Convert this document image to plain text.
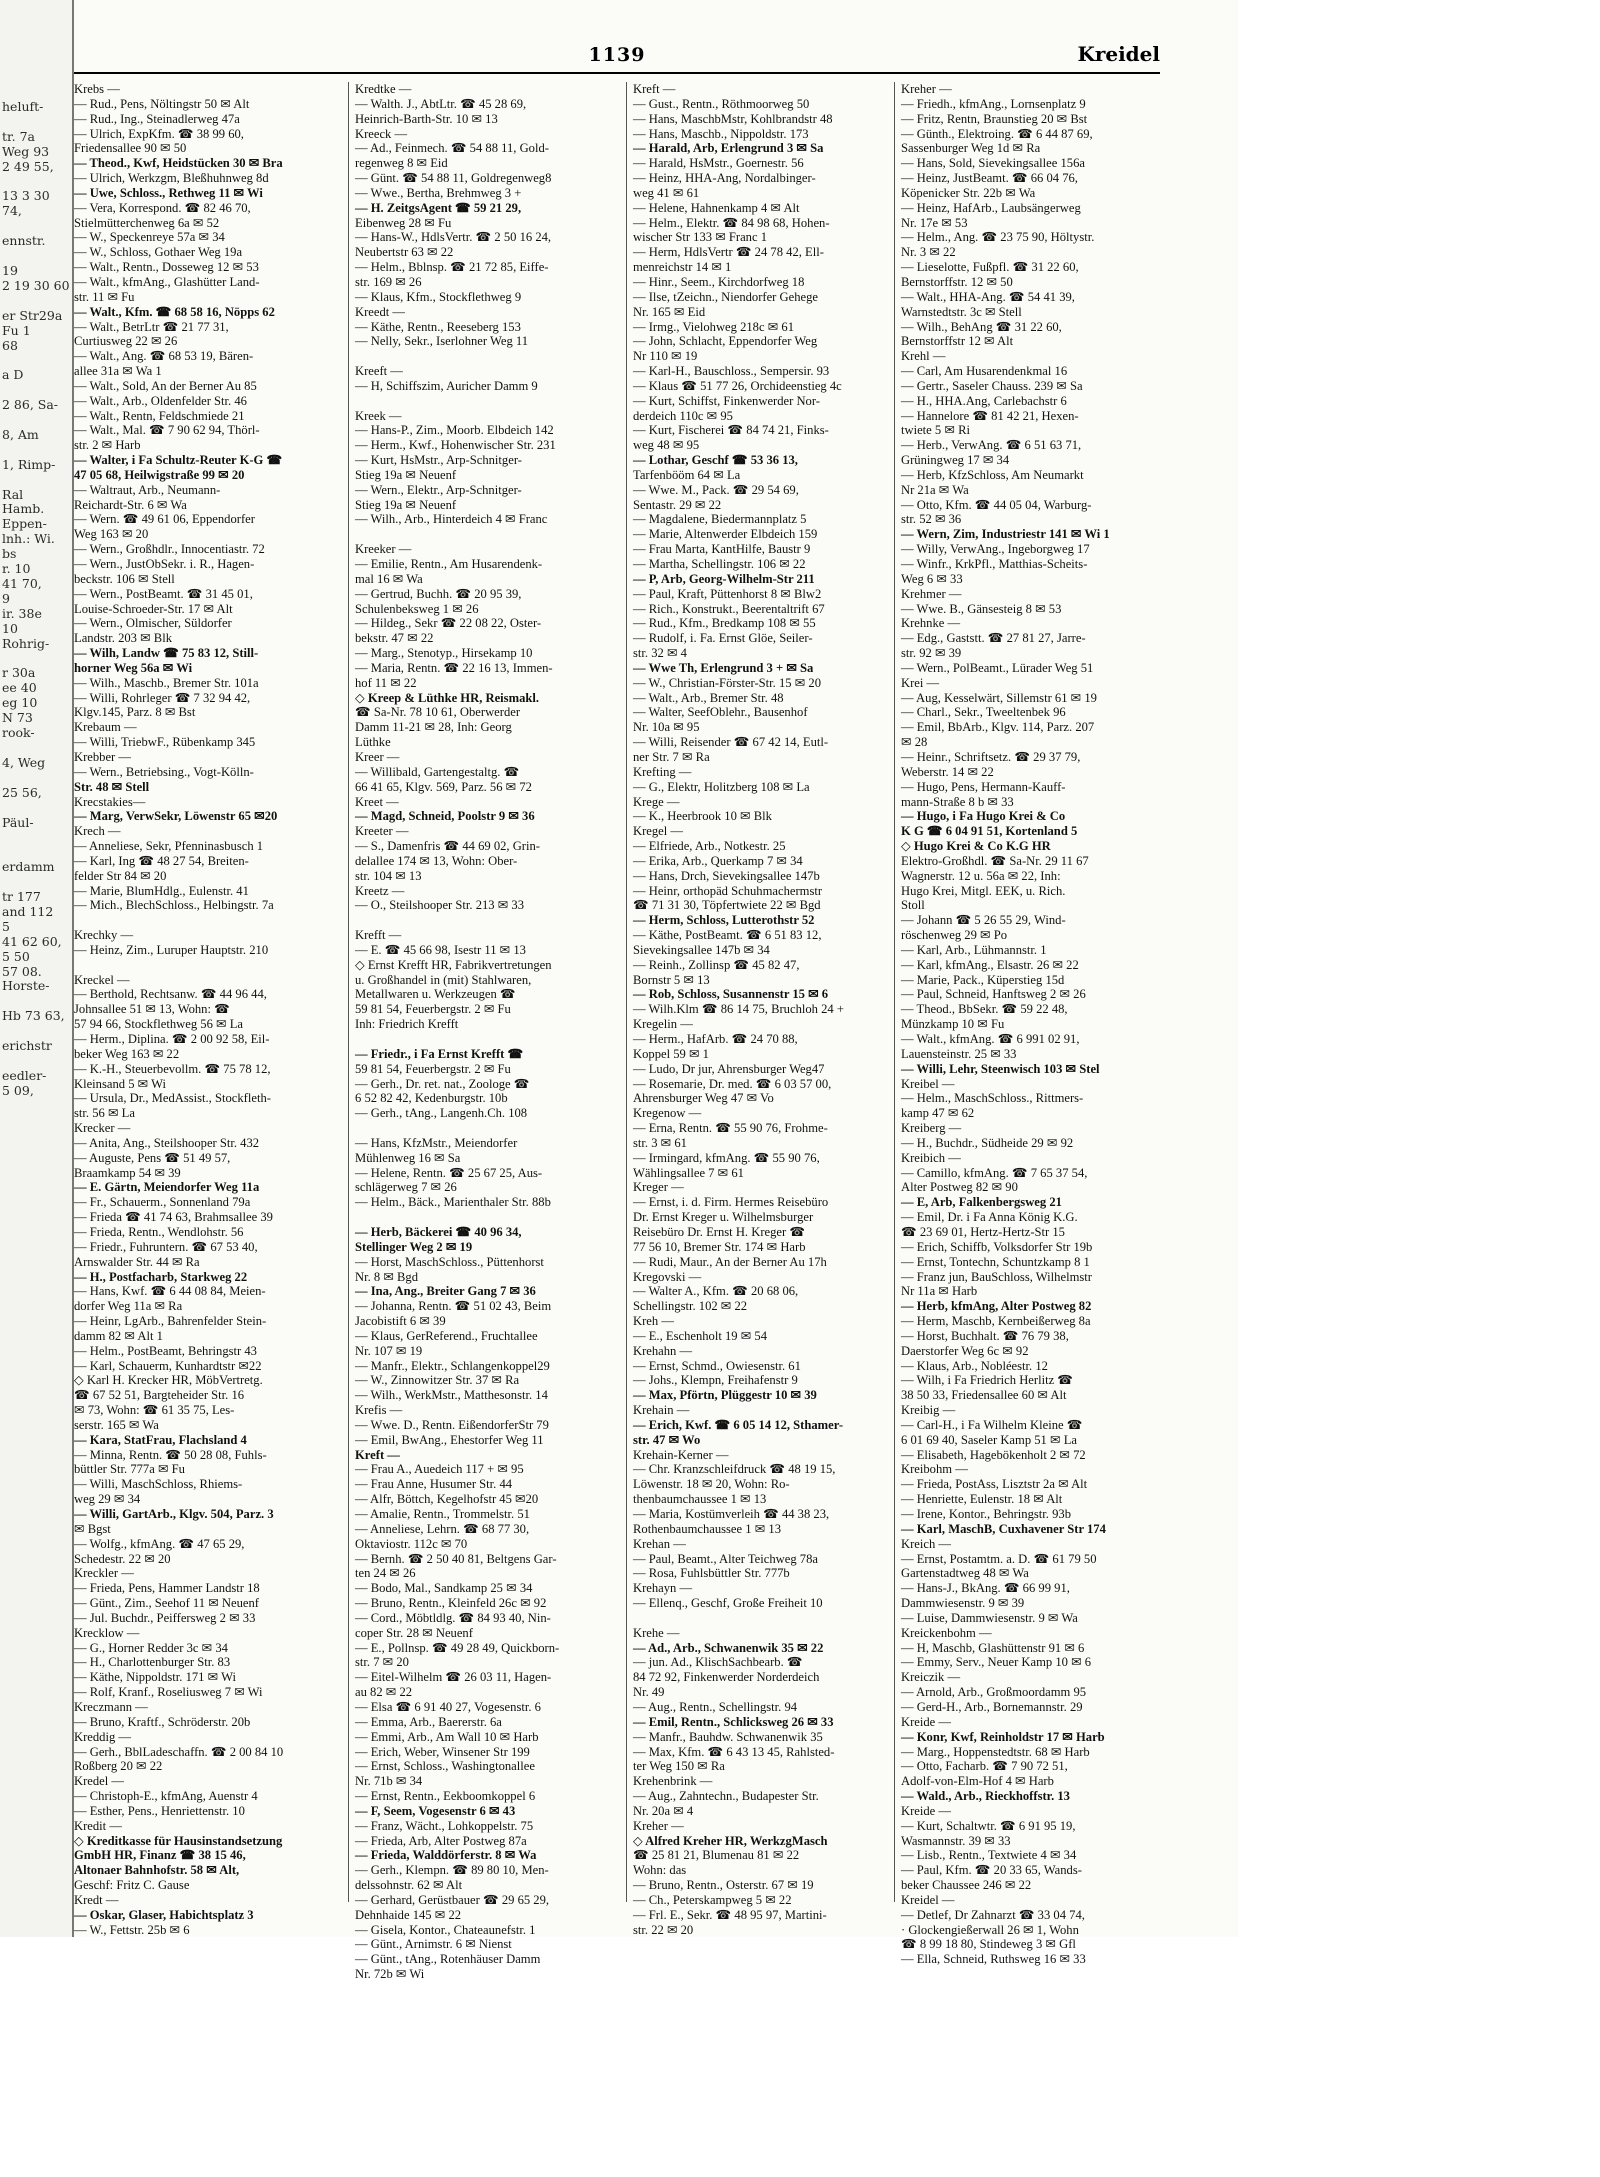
heluft-

tr. 7a
Weg 93
2 49 55,

13 3 30
74,

ennstr.

19
2 19 30 60

er Str29a
Fu 1
68

a D

2 86, Sa-

8, Am

1, Rimp-

Ral
Hamb.
Eppen-
lnh.: Wi.
bs
r. 10
41 70,
9
ir. 38e
10
Rohrig-

r 30a
ee 40
eg 10
N 73
rook-

4, Weg

25 56,

Päul-

erdamm

tr 177
and 112
5
41 62 60,
5 50
57 08.
Horste-

Hb 73 63,

erichstr

eedler-
5 09,
1139	Kreidel
Krebs —
— Rud., Pens, Nöltingstr 50 ✉ Alt
— Rud., Ing., Steinadlerweg 47a
— Ulrich, ExpKfm. ☎ 38 99 60,
Friedensallee 90 ✉ 50
— Theod., Kwf, Heidstücken 30 ✉ Bra
— Ulrich, Werkzgm, Bleßhuhnweg 8d
— Uwe, Schloss., Rethweg 11 ✉ Wi
— Vera, Korrespond. ☎ 82 46 70,
Stielmütterchenweg 6a ✉ 52
— W., Speckenreye 57a ✉ 34
— W., Schloss, Gothaer Weg 19a
— Walt., Rentn., Dosseweg 12 ✉ 53
— Walt., kfmAng., Glashütter Land-
str. 11 ✉ Fu
— Walt., Kfm. ☎ 68 58 16, Nöpps 62
— Walt., BetrLtr ☎ 21 77 31,
Curtiusweg 22 ✉ 26
— Walt., Ang. ☎ 68 53 19, Bären-
allee 31a ✉ Wa 1
— Walt., Sold, An der Berner Au 85
— Walt., Arb., Oldenfelder Str. 46
— Walt., Rentn, Feldschmiede 21
— Walt., Mal. ☎ 7 90 62 94, Thörl-
str. 2 ✉ Harb
— Walter, i Fa Schultz-Reuter K-G ☎
47 05 68, Heilwigstraße 99 ✉ 20
— Waltraut, Arb., Neumann-
Reichardt-Str. 6 ✉ Wa
— Wern. ☎ 49 61 06, Eppendorfer
Weg 163 ✉ 20
— Wern., Großhdlr., Innocentiastr. 72
— Wern., JustObSekr. i. R., Hagen-
beckstr. 106 ✉ Stell
— Wern., PostBeamt. ☎ 31 45 01,
Louise-Schroeder-Str. 17 ✉ Alt
— Wern., Olmischer, Süldorfer
Landstr. 203 ✉ Blk
— Wilh, Landw ☎ 75 83 12, Still-
horner Weg 56a ✉ Wi
— Wilh., Maschb., Bremer Str. 101a
— Willi, Rohrleger ☎ 7 32 94 42,
Klgv.145, Parz. 8 ✉ Bst
Krebaum —
— Willi, TriebwF., Rübenkamp 345
Krebber —
— Wern., Betriebsing., Vogt-Kölln-
Str. 48 ✉ Stell
Krecstakies—
— Marg, VerwSekr, Löwenstr 65 ✉20
Krech —
— Anneliese, Sekr, Pfenninasbusch 1
— Karl, Ing ☎ 48 27 54, Breiten-
felder Str 84 ✉ 20
— Marie, BlumHdlg., Eulenstr. 41
— Mich., BlechSchloss., Helbingstr. 7a

Krechky —
— Heinz, Zim., Luruper Hauptstr. 210

Kreckel —
— Berthold, Rechtsanw. ☎ 44 96 44,
Johnsallee 51 ✉ 13, Wohn: ☎
57 94 66, Stockflethweg 56 ✉ La
— Herm., Diplina. ☎ 2 00 92 58, Eil-
beker Weg 163 ✉ 22
— K.-H., Steuerbevollm. ☎ 75 78 12,
Kleinsand 5 ✉ Wi
— Ursula, Dr., MedAssist., Stockfleth-
str. 56 ✉ La
Krecker —
— Anita, Ang., Steilshooper Str. 432
— Auguste, Pens ☎ 51 49 57,
Braamkamp 54 ✉ 39
— E. Gärtn, Meiendorfer Weg 11a
— Fr., Schauerm., Sonnenland 79a
— Frieda ☎ 41 74 63, Brahmsallee 39
— Frieda, Rentn., Wendlohstr. 56
— Friedr., Fuhruntern. ☎ 67 53 40,
Arnswalder Str. 44 ✉ Ra
— H., Postfacharb, Starkweg 22
— Hans, Kwf. ☎ 6 44 08 84, Meien-
dorfer Weg 11a ✉ Ra
— Heinr, LgArb., Bahrenfelder Stein-
damm 82 ✉ Alt 1
— Helm., PostBeamt, Behringstr 43
— Karl, Schauerm, Kunhardtstr ✉22
◇ Karl H. Krecker HR, MöbVertretg.
☎ 67 52 51, Bargteheider Str. 16
✉ 73, Wohn: ☎ 61 35 75, Les-
serstr. 165 ✉ Wa
— Kara, StatFrau, Flachsland 4
— Minna, Rentn. ☎ 50 28 08, Fuhls-
büttler Str. 777a ✉ Fu
— Willi, MaschSchloss, Rhiems-
weg 29 ✉ 34
— Willi, GartArb., Klgv. 504, Parz. 3
✉ Bgst
— Wolfg., kfmAng. ☎ 47 65 29,
Schedestr. 22 ✉ 20
Kreckler —
— Frieda, Pens, Hammer Landstr 18
— Günt., Zim., Seehof 11 ✉ Neuenf
— Jul. Buchdr., Peiffersweg 2 ✉ 33
Krecklow —
— G., Horner Redder 3c ✉ 34
— H., Charlottenburger Str. 83
— Käthe, Nippoldstr. 171 ✉ Wi
— Rolf, Kranf., Roseliusweg 7 ✉ Wi
Kreczmann —
— Bruno, Kraftf., Schröderstr. 20b
Kreddig —
— Gerh., BblLadeschaffn. ☎ 2 00 84 10
Roßberg 20 ✉ 22
Kredel —
— Christoph-E., kfmAng, Auenstr 4
— Esther, Pens., Henriettenstr. 10
Kredit —
◇ Kreditkasse für Hausinstandsetzung
GmbH HR, Finanz ☎ 38 15 46,
Altonaer Bahnhofstr. 58 ✉ Alt,
Geschf: Fritz C. Gause
Kredt —
— Oskar, Glaser, Habichtsplatz 3
— W., Fettstr. 25b ✉ 6
Kredtke —
— Walth. J., AbtLtr. ☎ 45 28 69,
Heinrich-Barth-Str. 10 ✉ 13
Kreeck —
— Ad., Feinmech. ☎ 54 88 11, Gold-
regenweg 8 ✉ Eid
— Günt. ☎ 54 88 11, Goldregenweg8
— Wwe., Bertha, Brehmweg 3 +
— H. ZeitgsAgent ☎ 59 21 29,
Eibenweg 28 ✉ Fu
— Hans-W., HdlsVertr. ☎ 2 50 16 24,
Neubertstr 63 ✉ 22
— Helm., Bblnsp. ☎ 21 72 85, Eiffe-
str. 169 ✉ 26
— Klaus, Kfm., Stockflethweg 9
Kreedt —
— Käthe, Rentn., Reeseberg 153
— Nelly, Sekr., Iserlohner Weg 11

Kreeft —
— H, Schiffszim, Auricher Damm 9

Kreek —
— Hans-P., Zim., Moorb. Elbdeich 142
— Herm., Kwf., Hohenwischer Str. 231
— Kurt, HsMstr., Arp-Schnitger-
Stieg 19a ✉ Neuenf
— Wern., Elektr., Arp-Schnitger-
Stieg 19a ✉ Neuenf
— Wilh., Arb., Hinterdeich 4 ✉ Franc

Kreeker —
— Emilie, Rentn., Am Husarendenk-
mal 16 ✉ Wa
— Gertrud, Buchh. ☎ 20 95 39,
Schulenbeksweg 1 ✉ 26
— Hildeg., Sekr ☎ 22 08 22, Oster-
bekstr. 47 ✉ 22
— Marg., Stenotyp., Hirsekamp 10
— Maria, Rentn. ☎ 22 16 13, Immen-
hof 11 ✉ 22
◇ Kreep & Lüthke HR, Reismakl.
☎ Sa-Nr. 78 10 61, Oberwerder
Damm 11-21 ✉ 28, Inh: Georg
Lüthke
Kreer —
— Willibald, Gartengestaltg. ☎
66 41 65, Klgv. 569, Parz. 56 ✉ 72
Kreet —
— Magd, Schneid, Poolstr 9 ✉ 36
Kreeter —
— S., Damenfris ☎ 44 69 02, Grin-
delallee 174 ✉ 13, Wohn: Ober-
str. 104 ✉ 13
Kreetz —
— O., Steilshooper Str. 213 ✉ 33

Krefft —
— E. ☎ 45 66 98, Isestr 11 ✉ 13
◇ Ernst Krefft HR, Fabrikvertretungen
u. Großhandel in (mit) Stahlwaren,
Metallwaren u. Werkzeugen ☎
59 81 54, Feuerbergstr. 2 ✉ Fu
Inh: Friedrich Krefft

— Friedr., i Fa Ernst Krefft ☎
59 81 54, Feuerbergstr. 2 ✉ Fu
— Gerh., Dr. ret. nat., Zoologe ☎
6 52 82 42, Kedenburgstr. 10b
— Gerh., tAng., Langenh.Ch. 108

— Hans, KfzMstr., Meiendorfer
Mühlenweg 16 ✉ Sa
— Helene, Rentn. ☎ 25 67 25, Aus-
schlägerweg 7 ✉ 26
— Helm., Bäck., Marienthaler Str. 88b

— Herb, Bäckerei ☎ 40 96 34,
Stellinger Weg 2 ✉ 19
— Horst, MaschSchloss., Püttenhorst
Nr. 8 ✉ Bgd
— Ina, Ang., Breiter Gang 7 ✉ 36
— Johanna, Rentn. ☎ 51 02 43, Beim
Jacobistift 6 ✉ 39
— Klaus, GerReferend., Fruchtallee
Nr. 107 ✉ 19
— Manfr., Elektr., Schlangenkoppel29
— W., Zinnowitzer Str. 37 ✉ Ra
— Wilh., WerkMstr., Matthesonstr. 14
Krefis —
— Wwe. D., Rentn. EißendorferStr 79
— Emil, BwAng., Ehestorfer Weg 11
Kreft —
— Frau A., Auedeich 117 + ✉ 95
— Frau Anne, Husumer Str. 44
— Alfr, Böttch, Kegelhofstr 45 ✉20
— Amalie, Rentn., Trommelstr. 51
— Anneliese, Lehrn. ☎ 68 77 30,
Oktaviostr. 112c ✉ 70
— Bernh. ☎ 2 50 40 81, Beltgens Gar-
ten 24 ✉ 26
— Bodo, Mal., Sandkamp 25 ✉ 34
— Bruno, Rentn., Kleinfeld 26c ✉ 92
— Cord., Möbtldlg. ☎ 84 93 40, Nin-
coper Str. 28 ✉ Neuenf
— E., Pollnsp. ☎ 49 28 49, Quickborn-
str. 7 ✉ 20
— Eitel-Wilhelm ☎ 26 03 11, Hagen-
au 82 ✉ 22
— Elsa ☎ 6 91 40 27, Vogesenstr. 6
— Emma, Arb., Baererstr. 6a
— Emmi, Arb., Am Wall 10 ✉ Harb
— Erich, Weber, Winsener Str 199
— Ernst, Schloss., Washingtonallee
Nr. 71b ✉ 34
— Ernst, Rentn., Eekboomkoppel 6
— F, Seem, Vogesenstr 6 ✉ 43
— Franz, Wächt., Lohkoppelstr. 75
— Frieda, Arb, Alter Postweg 87a
— Frieda, Walddörferstr. 8 ✉ Wa
— Gerh., Klempn. ☎ 89 80 10, Men-
delssohnstr. 62 ✉ Alt
— Gerhard, Gerüstbauer ☎ 29 65 29,
Dehnhaide 145 ✉ 22
— Gisela, Kontor., Chateaunefstr. 1
— Günt., Arnimstr. 6 ✉ Nienst
— Günt., tAng., Rotenhäuser Damm
Nr. 72b ✉ Wi
Kreft —
— Gust., Rentn., Röthmoorweg 50
— Hans, MaschbMstr, Kohlbrandstr 48
— Hans, Maschb., Nippoldstr. 173
— Harald, Arb, Erlengrund 3 ✉ Sa
— Harald, HsMstr., Goernestr. 56
— Heinz, HHA-Ang, Nordalbinger-
weg 41 ✉ 61
— Helene, Hahnenkamp 4 ✉ Alt
— Helm., Elektr. ☎ 84 98 68, Hohen-
wischer Str 133 ✉ Franc 1
— Herm, HdlsVertr ☎ 24 78 42, Ell-
menreichstr 14 ✉ 1
— Hinr., Seem., Kirchdorfweg 18
— Ilse, tZeichn., Niendorfer Gehege
Nr. 165 ✉ Eid
— Irmg., Vielohweg 218c ✉ 61
— John, Schlacht, Eppendorfer Weg
Nr 110 ✉ 19
— Karl-H., Bauschloss., Sempersir. 93
— Klaus ☎ 51 77 26, Orchideenstieg 4c
— Kurt, Schiffst, Finkenwerder Nor-
derdeich 110c ✉ 95
— Kurt, Fischerei ☎ 84 74 21, Finks-
weg 48 ✉ 95
— Lothar, Geschf ☎ 53 36 13,
Tarfenbööm 64 ✉ La
— Wwe. M., Pack. ☎ 29 54 69,
Sentastr. 29 ✉ 22
— Magdalene, Biedermannplatz 5
— Marie, Altenwerder Elbdeich 159
— Frau Marta, KantHilfe, Baustr 9
— Martha, Schellingstr. 106 ✉ 22
— P, Arb, Georg-Wilhelm-Str 211
— Paul, Kraft, Püttenhorst 8 ✉ Blw2
— Rich., Konstrukt., Beerentaltrift 67
— Rud., Kfm., Bredkamp 108 ✉ 55
— Rudolf, i. Fa. Ernst Glöe, Seiler-
str. 32 ✉ 4
— Wwe Th, Erlengrund 3 + ✉ Sa
— W., Christian-Förster-Str. 15 ✉ 20
— Walt., Arb., Bremer Str. 48
— Walter, SeefOblehr., Bausenhof
Nr. 10a ✉ 95
— Willi, Reisender ☎ 67 42 14, Eutl-
ner Str. 7 ✉ Ra
Krefting —
— G., Elektr, Holitzberg 108 ✉ La
Krege —
— K., Heerbrook 10 ✉ Blk
Kregel —
— Elfriede, Arb., Notkestr. 25
— Erika, Arb., Querkamp 7 ✉ 34
— Hans, Drch, Sievekingsallee 147b
— Heinr, orthopäd Schuhmachermstr
☎ 71 31 30, Töpfertwiete 22 ✉ Bgd
— Herm, Schloss, Lutterothstr 52
— Käthe, PostBeamt. ☎ 6 51 83 12,
Sievekingsallee 147b ✉ 34
— Reinh., Zollinsp ☎ 45 82 47,
Bornstr 5 ✉ 13
— Rob, Schloss, Susannenstr 15 ✉ 6
— Wilh.Klm ☎ 86 14 75, Bruchloh 24 +
Kregelin —
— Herm., HafArb. ☎ 24 70 88,
Koppel 59 ✉ 1
— Ludo, Dr jur, Ahrensburger Weg47
— Rosemarie, Dr. med. ☎ 6 03 57 00,
Ahrensburger Weg 47 ✉ Vo
Kregenow —
— Erna, Rentn. ☎ 55 90 76, Frohme-
str. 3 ✉ 61
— Irmingard, kfmAng. ☎ 55 90 76,
Wählingsallee 7 ✉ 61
Kreger —
— Ernst, i. d. Firm. Hermes Reisebüro
Dr. Ernst Kreger u. Wilhelmsburger
Reisebüro Dr. Ernst H. Kreger ☎
77 56 10, Bremer Str. 174 ✉ Harb
— Rudi, Maur., An der Berner Au 17h
Kregovski —
— Walter A., Kfm. ☎ 20 68 06,
Schellingstr. 102 ✉ 22
Kreh —
— E., Eschenholt 19 ✉ 54
Krehahn —
— Ernst, Schmd., Owiesenstr. 61
— Johs., Klempn, Freihafenstr 9
— Max, Pförtn, Plüggestr 10 ✉ 39
Krehain —
— Erich, Kwf. ☎ 6 05 14 12, Sthamer-
str. 47 ✉ Wo
Krehain-Kerner —
— Chr. Kranzschleifdruck ☎ 48 19 15,
Löwenstr. 18 ✉ 20, Wohn: Ro-
thenbaumchaussee 1 ✉ 13
— Maria, Kostümverleih ☎ 44 38 23,
Rothenbaumchaussee 1 ✉ 13
Krehan —
— Paul, Beamt., Alter Teichweg 78a
— Rosa, Fuhlsbüttler Str. 777b
Krehayn —
— Ellenq., Geschf, Große Freiheit 10

Krehe —
— Ad., Arb., Schwanenwik 35 ✉ 22
— jun. Ad., KlischSachbearb. ☎
84 72 92, Finkenwerder Norderdeich
Nr. 49
— Aug., Rentn., Schellingstr. 94
— Emil, Rentn., Schlicksweg 26 ✉ 33
— Manfr., Bauhdw. Schwanenwik 35
— Max, Kfm. ☎ 6 43 13 45, Rahlsted-
ter Weg 150 ✉ Ra
Krehenbrink —
— Aug., Zahntechn., Budapester Str.
Nr. 20a ✉ 4
Kreher —
◇ Alfred Kreher HR, WerkzgMasch
☎ 25 81 21, Blumenau 81 ✉ 22
Wohn: das
— Bruno, Rentn., Osterstr. 67 ✉ 19
— Ch., Peterskampweg 5 ✉ 22
— Frl. E., Sekr. ☎ 48 95 97, Martini-
str. 22 ✉ 20
Kreher —
— Friedh., kfmAng., Lornsenplatz 9
— Fritz, Rentn, Braunstieg 20 ✉ Bst
— Günth., Elektroing. ☎ 6 44 87 69,
Sassenburger Weg 1d ✉ Ra
— Hans, Sold, Sievekingsallee 156a
— Heinz, JustBeamt. ☎ 66 04 76,
Köpenicker Str. 22b ✉ Wa
— Heinz, HafArb., Laubsängerweg
Nr. 17e ✉ 53
— Helm., Ang. ☎ 23 75 90, Höltystr.
Nr. 3 ✉ 22
— Lieselotte, Fußpfl. ☎ 31 22 60,
Bernstorffstr. 12 ✉ 50
— Walt., HHA-Ang. ☎ 54 41 39,
Warnstedtstr. 3c ✉ Stell
— Wilh., BehAng ☎ 31 22 60,
Bernstorffstr 12 ✉ Alt
Krehl —
— Carl, Am Husarendenkmal 16
— Gertr., Saseler Chauss. 239 ✉ Sa
— H., HHA.Ang, Carlebachstr 6
— Hannelore ☎ 81 42 21, Hexen-
twiete 5 ✉ Ri
— Herb., VerwAng. ☎ 6 51 63 71,
Grüningweg 17 ✉ 34
— Herb, KfzSchloss, Am Neumarkt
Nr 21a ✉ Wa
— Otto, Kfm. ☎ 44 05 04, Warburg-
str. 52 ✉ 36
— Wern, Zim, Industriestr 141 ✉ Wi 1
— Willy, VerwAng., Ingeborgweg 17
— Winfr., KrkPfl., Matthias-Scheits-
Weg 6 ✉ 33
Krehmer —
— Wwe. B., Gänsesteig 8 ✉ 53
Krehnke —
— Edg., Gaststt. ☎ 27 81 27, Jarre-
str. 92 ✉ 39
— Wern., PolBeamt., Lürader Weg 51
Krei —
— Aug, Kesselwärt, Sillemstr 61 ✉ 19
— Charl., Sekr., Tweeltenbek 96
— Emil, BbArb., Klgv. 114, Parz. 207
✉ 28
— Heinr., Schriftsetz. ☎ 29 37 79,
Weberstr. 14 ✉ 22
— Hugo, Pens, Hermann-Kauff-
mann-Straße 8 b ✉ 33
— Hugo, i Fa Hugo Krei & Co
K G ☎ 6 04 91 51, Kortenland 5
◇ Hugo Krei & Co K.G HR
Elektro-Großhdl. ☎ Sa-Nr. 29 11 67
Wagnerstr. 12 u. 56a ✉ 22, Inh:
Hugo Krei, Mitgl. EEK, u. Rich.
Stoll
— Johann ☎ 5 26 55 29, Wind-
röschenweg 29 ✉ Po
— Karl, Arb., Lühmannstr. 1
— Karl, kfmAng., Elsastr. 26 ✉ 22
— Marie, Pack., Küperstieg 15d
— Paul, Schneid, Hanftsweg 2 ✉ 26
— Theod., BbSekr. ☎ 59 22 48,
Münzkamp 10 ✉ Fu
— Walt., kfmAng. ☎ 6 991 02 91,
Lauensteinstr. 25 ✉ 33
— Willi, Lehr, Steenwisch 103 ✉ Stel
Kreibel —
— Helm., MaschSchloss., Rittmers-
kamp 47 ✉ 62
Kreiberg —
— H., Buchdr., Südheide 29 ✉ 92
Kreibich —
— Camillo, kfmAng. ☎ 7 65 37 54,
Alter Postweg 82 ✉ 90
— E, Arb, Falkenbergsweg 21
— Emil, Dr. i Fa Anna König K.G.
☎ 23 69 01, Hertz-Hertz-Str 15
— Erich, Schiffb, Volksdorfer Str 19b
— Ernst, Tontechn, Schuntzkamp 8 1
— Franz jun, BauSchloss, Wilhelmstr
Nr 11a ✉ Harb
— Herb, kfmAng, Alter Postweg 82
— Herm, Maschb, Kernbeißerweg 8a
— Horst, Buchhalt. ☎ 76 79 38,
Daerstorfer Weg 6c ✉ 92
— Klaus, Arb., Nobléestr. 12
— Wilh, i Fa Friedrich Herlitz ☎
38 50 33, Friedensallee 60 ✉ Alt
Kreibig —
— Carl-H., i Fa Wilhelm Kleine ☎
6 01 69 40, Saseler Kamp 51 ✉ La
— Elisabeth, Hagebökenholt 2 ✉ 72
Kreibohm —
— Frieda, PostAss, Lisztstr 2a ✉ Alt
— Henriette, Eulenstr. 18 ✉ Alt
— Irene, Kontor., Behringstr. 93b
— Karl, MaschB, Cuxhavener Str 174
Kreich —
— Ernst, Postamtm. a. D. ☎ 61 79 50
Gartenstadtweg 48 ✉ Wa
— Hans-J., BkAng. ☎ 66 99 91,
Dammwiesenstr. 9 ✉ 39
— Luise, Dammwiesenstr. 9 ✉ Wa
Kreickenbohm —
— H, Maschb, Glashüttenstr 91 ✉ 6
— Emmy, Serv., Neuer Kamp 10 ✉ 6
Kreiczik —
— Arnold, Arb., Großmoordamm 95
— Gerd-H., Arb., Bornemannstr. 29
Kreide —
— Konr, Kwf, Reinholdstr 17 ✉ Harb
— Marg., Hoppenstedtstr. 68 ✉ Harb
— Otto, Facharb. ☎ 7 90 72 51,
Adolf-von-Elm-Hof 4 ✉ Harb
— Wald., Arb., Rieckhoffstr. 13
Kreide —
— Kurt, Schaltwtr. ☎ 6 91 95 19,
Wasmannstr. 39 ✉ 33
— Lisb., Rentn., Textwiete 4 ✉ 34
— Paul, Kfm. ☎ 20 33 65, Wands-
beker Chaussee 246 ✉ 22
Kreidel —
— Detlef, Dr Zahnarzt ☎ 33 04 74,
· Glockengießerwall 26 ✉ 1, Wohn
☎ 8 99 18 80, Stindeweg 3 ✉ Gfl
— Ella, Schneid, Ruthsweg 16 ✉ 33
